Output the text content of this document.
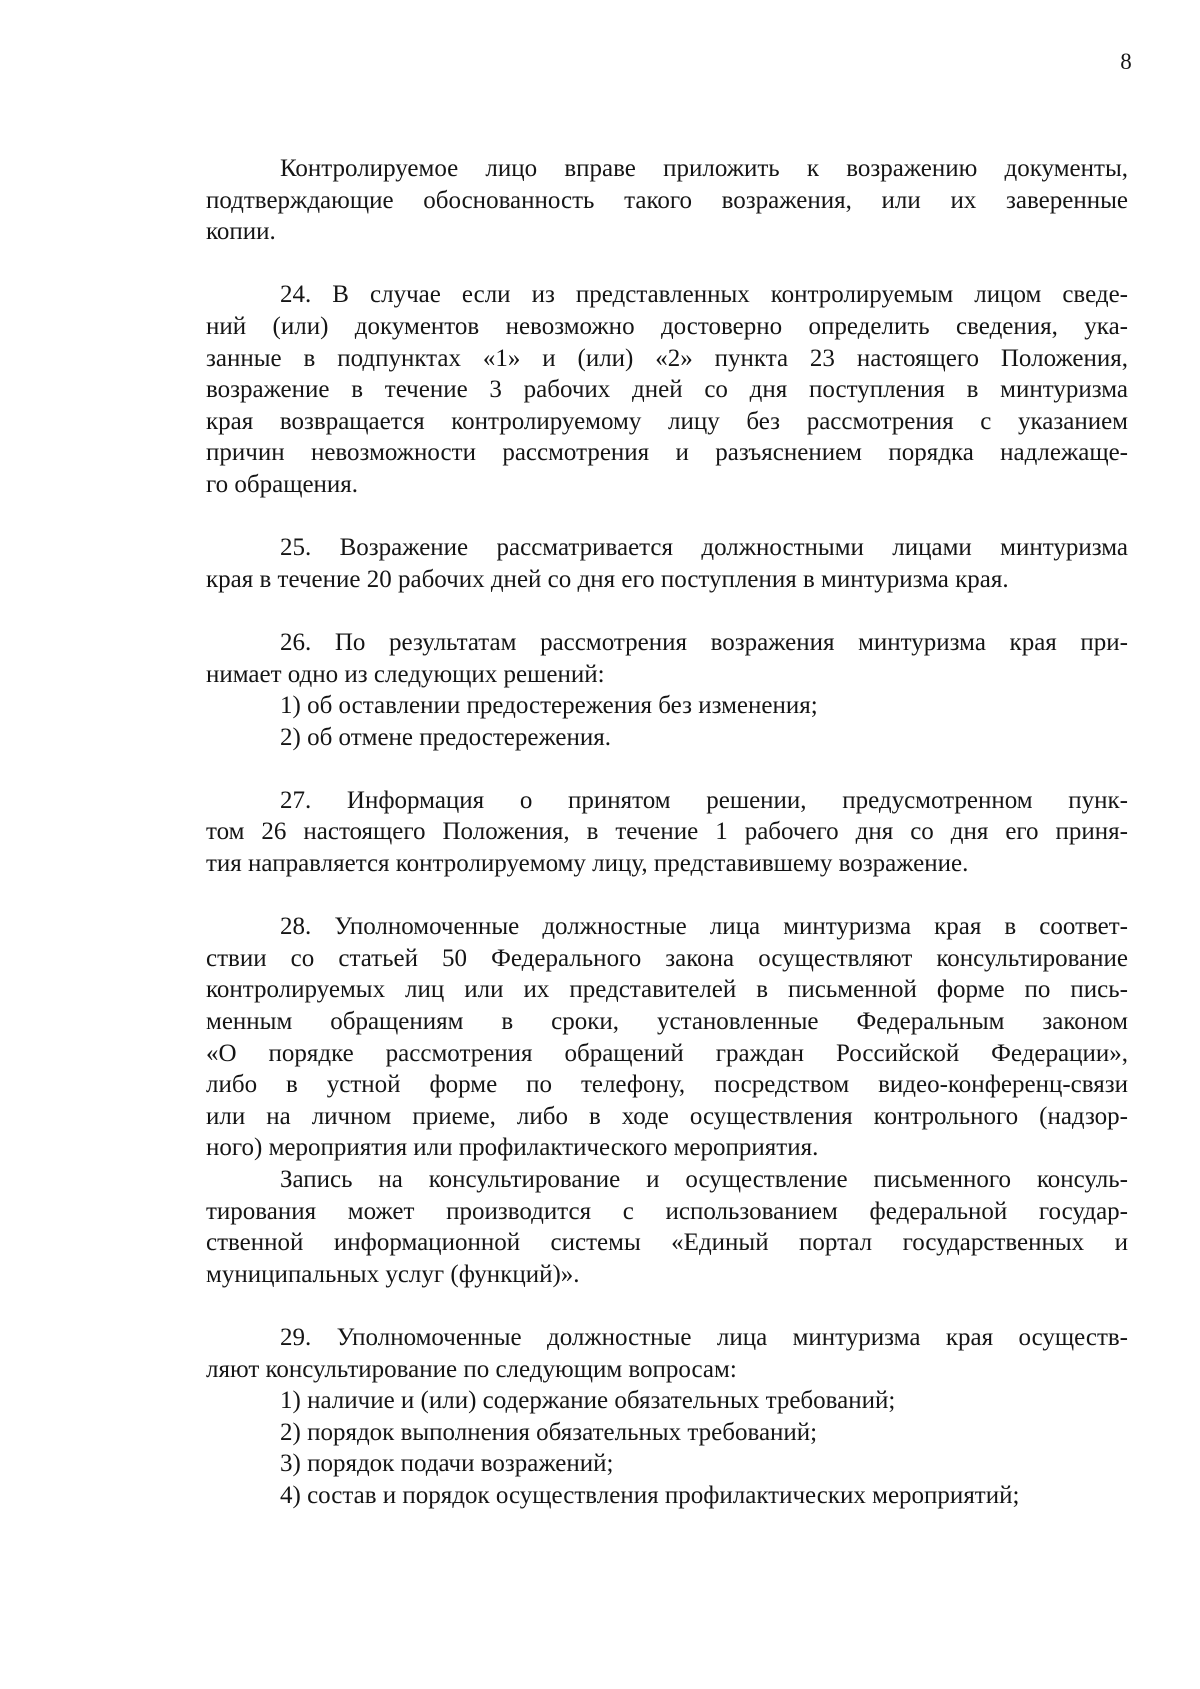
8
Контролируемое лицо вправе приложить к возражению документы,
подтверждающие обоснованность такого возражения, или их заверенные
копии.
24. В случае если из представленных контролируемым лицом сведе-
ний (или) документов невозможно достоверно определить сведения, ука-
занные в подпунктах «1» и (или) «2» пункта 23 настоящего Положения,
возражение в течение 3 рабочих дней со дня поступления в минтуризма
края возвращается контролируемому лицу без рассмотрения с указанием
причин невозможности рассмотрения и разъяснением порядка надлежаще-
го обращения.
25. Возражение рассматривается должностными лицами минтуризма
края в течение 20 рабочих дней со дня его поступления в минтуризма края.
26. По результатам рассмотрения возражения минтуризма края при-
нимает одно из следующих решений:
1) об оставлении предостережения без изменения;
2) об отмене предостережения.
27. Информация о принятом решении, предусмотренном пунк-
том 26 настоящего Положения, в течение 1 рабочего дня со дня его приня-
тия направляется контролируемому лицу, представившему возражение.
28. Уполномоченные должностные лица минтуризма края в соответ-
ствии со статьей 50 Федерального закона осуществляют консультирование
контролируемых лиц или их представителей в письменной форме по пись-
менным обращениям в сроки, установленные Федеральным законом
«О порядке рассмотрения обращений граждан Российской Федерации»,
либо в устной форме по телефону, посредством видео-конференц-связи
или на личном приеме, либо в ходе осуществления контрольного (надзор-
ного) мероприятия или профилактического мероприятия.
Запись на консультирование и осуществление письменного консуль-
тирования может производится с использованием федеральной государ-
ственной информационной системы «Единый портал государственных и
муниципальных услуг (функций)».
29. Уполномоченные должностные лица минтуризма края осуществ-
ляют консультирование по следующим вопросам:
1) наличие и (или) содержание обязательных требований;
2) порядок выполнения обязательных требований;
3) порядок подачи возражений;
4) состав и порядок осуществления профилактических мероприятий;
